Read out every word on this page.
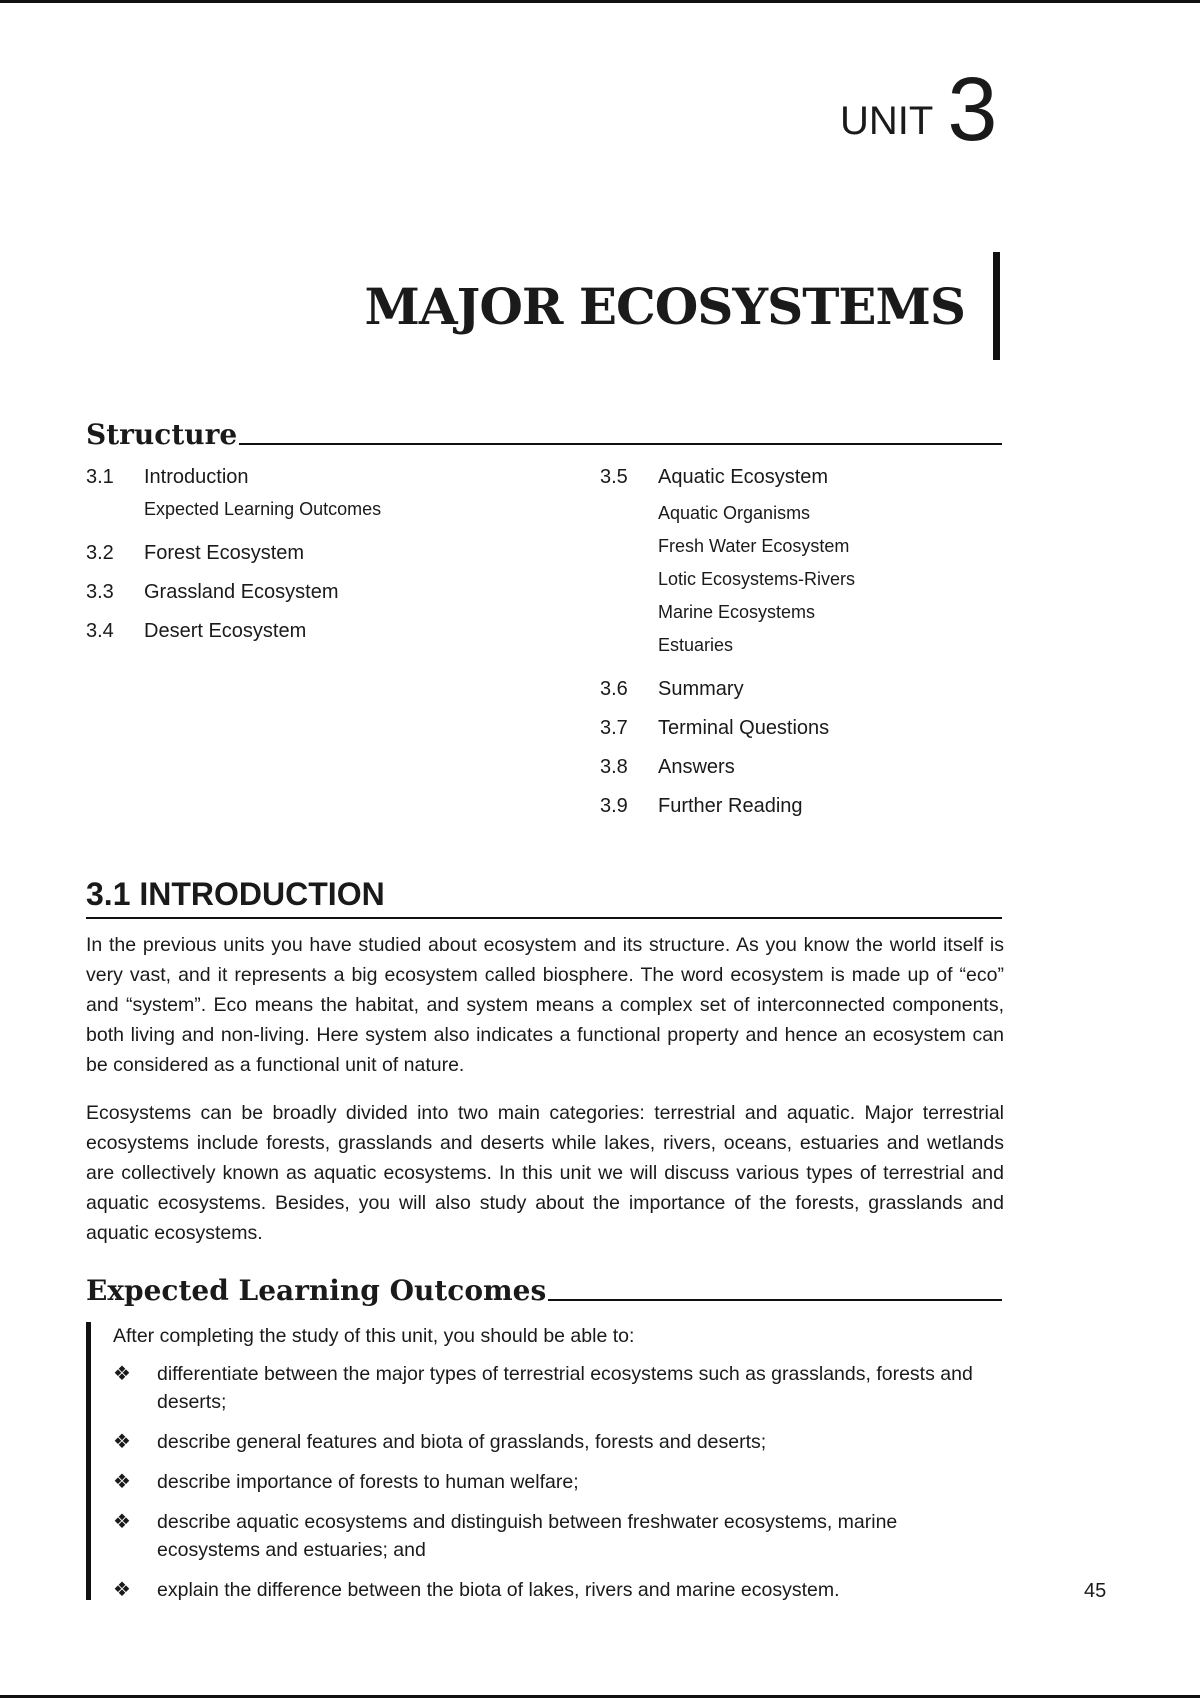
UNIT 3
MAJOR ECOSYSTEMS
Structure
3.1	Introduction
Expected Learning Outcomes
3.2	Forest Ecosystem
3.3	Grassland Ecosystem
3.4	Desert Ecosystem
3.5	Aquatic Ecosystem
Aquatic Organisms
Fresh Water Ecosystem
Lotic Ecosystems-Rivers
Marine Ecosystems
Estuaries
3.6	Summary
3.7	Terminal Questions
3.8	Answers
3.9	Further Reading
3.1 INTRODUCTION

In the previous units you have studied about ecosystem and its structure. As you know the world itself is very vast, and it represents a big ecosystem called biosphere. The word ecosystem is made up of “eco” and “system”. Eco means the habitat, and system means a complex set of interconnected components, both living and non-living. Here system also indicates a functional property and hence an ecosystem can be considered as a functional unit of nature.

Ecosystems can be broadly divided into two main categories: terrestrial and aquatic. Major terrestrial ecosystems include forests, grasslands and deserts while lakes, rivers, oceans, estuaries and wetlands are collectively known as aquatic ecosystems. In this unit we will discuss various types of terrestrial and aquatic ecosystems. Besides, you will also study about the importance of the forests, grasslands and aquatic ecosystems.

Expected Learning Outcomes
After completing the study of this unit, you should be able to:
❖	differentiate between the major types of terrestrial ecosystems such as grasslands, forests and deserts;
❖	describe general features and biota of grasslands, forests and deserts;
❖	describe importance of forests to human welfare;
❖	describe aquatic ecosystems and distinguish between freshwater ecosystems, marine ecosystems and estuaries; and
❖	explain the difference between the biota of lakes, rivers and marine ecosystem.	45
